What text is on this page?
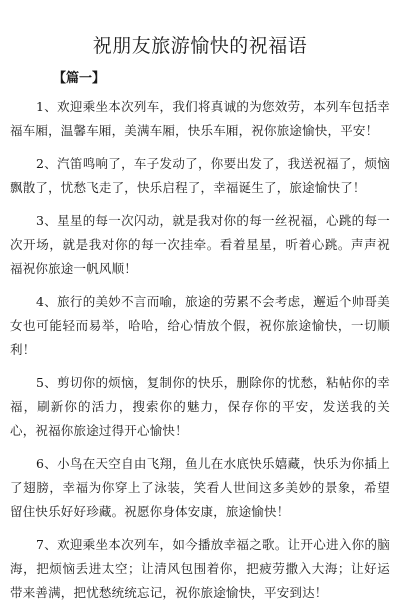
祝朋友旅游愉快的祝福语
【篇一】

1、欢迎乘坐本次列车，我们将真诚的为您效劳，本列车包括幸福车厢，温馨车厢，美满车厢，快乐车厢，祝你旅途愉快，平安！

2、汽笛鸣响了，车子发动了，你要出发了，我送祝福了，烦恼飘散了，忧愁飞走了，快乐启程了，幸福诞生了，旅途愉快了！

3、星星的每一次闪动，就是我对你的每一丝祝福，心跳的每一次开场，就是我对你的每一次挂牵。看着星星，听着心跳。声声祝福祝你旅途一帆风顺！

4、旅行的美妙不言而喻，旅途的劳累不会考虑，邂逅个帅哥美女也可能轻而易举，哈哈，给心情放个假，祝你旅途愉快，一切顺利！

5、剪切你的烦恼，复制你的快乐，删除你的忧愁，粘帖你的幸福，刷新你的活力，搜索你的魅力，保存你的平安，发送我的关心，祝福你旅途过得开心愉快！

6、小鸟在天空自由飞翔，鱼儿在水底快乐嬉藏，快乐为你插上了翅膀，幸福为你穿上了泳装，笑看人世间这多美妙的景象，希望留住快乐好好珍藏。祝愿你身体安康，旅途愉快！

7、欢迎乘坐本次列车，如今播放幸福之歌。让开心进入你的脑海，把烦恼丢进太空；让清风包围着你，把疲劳撒入大海；让好运带来善满，把忧愁统统忘记，祝你旅途愉快，平安到达！
